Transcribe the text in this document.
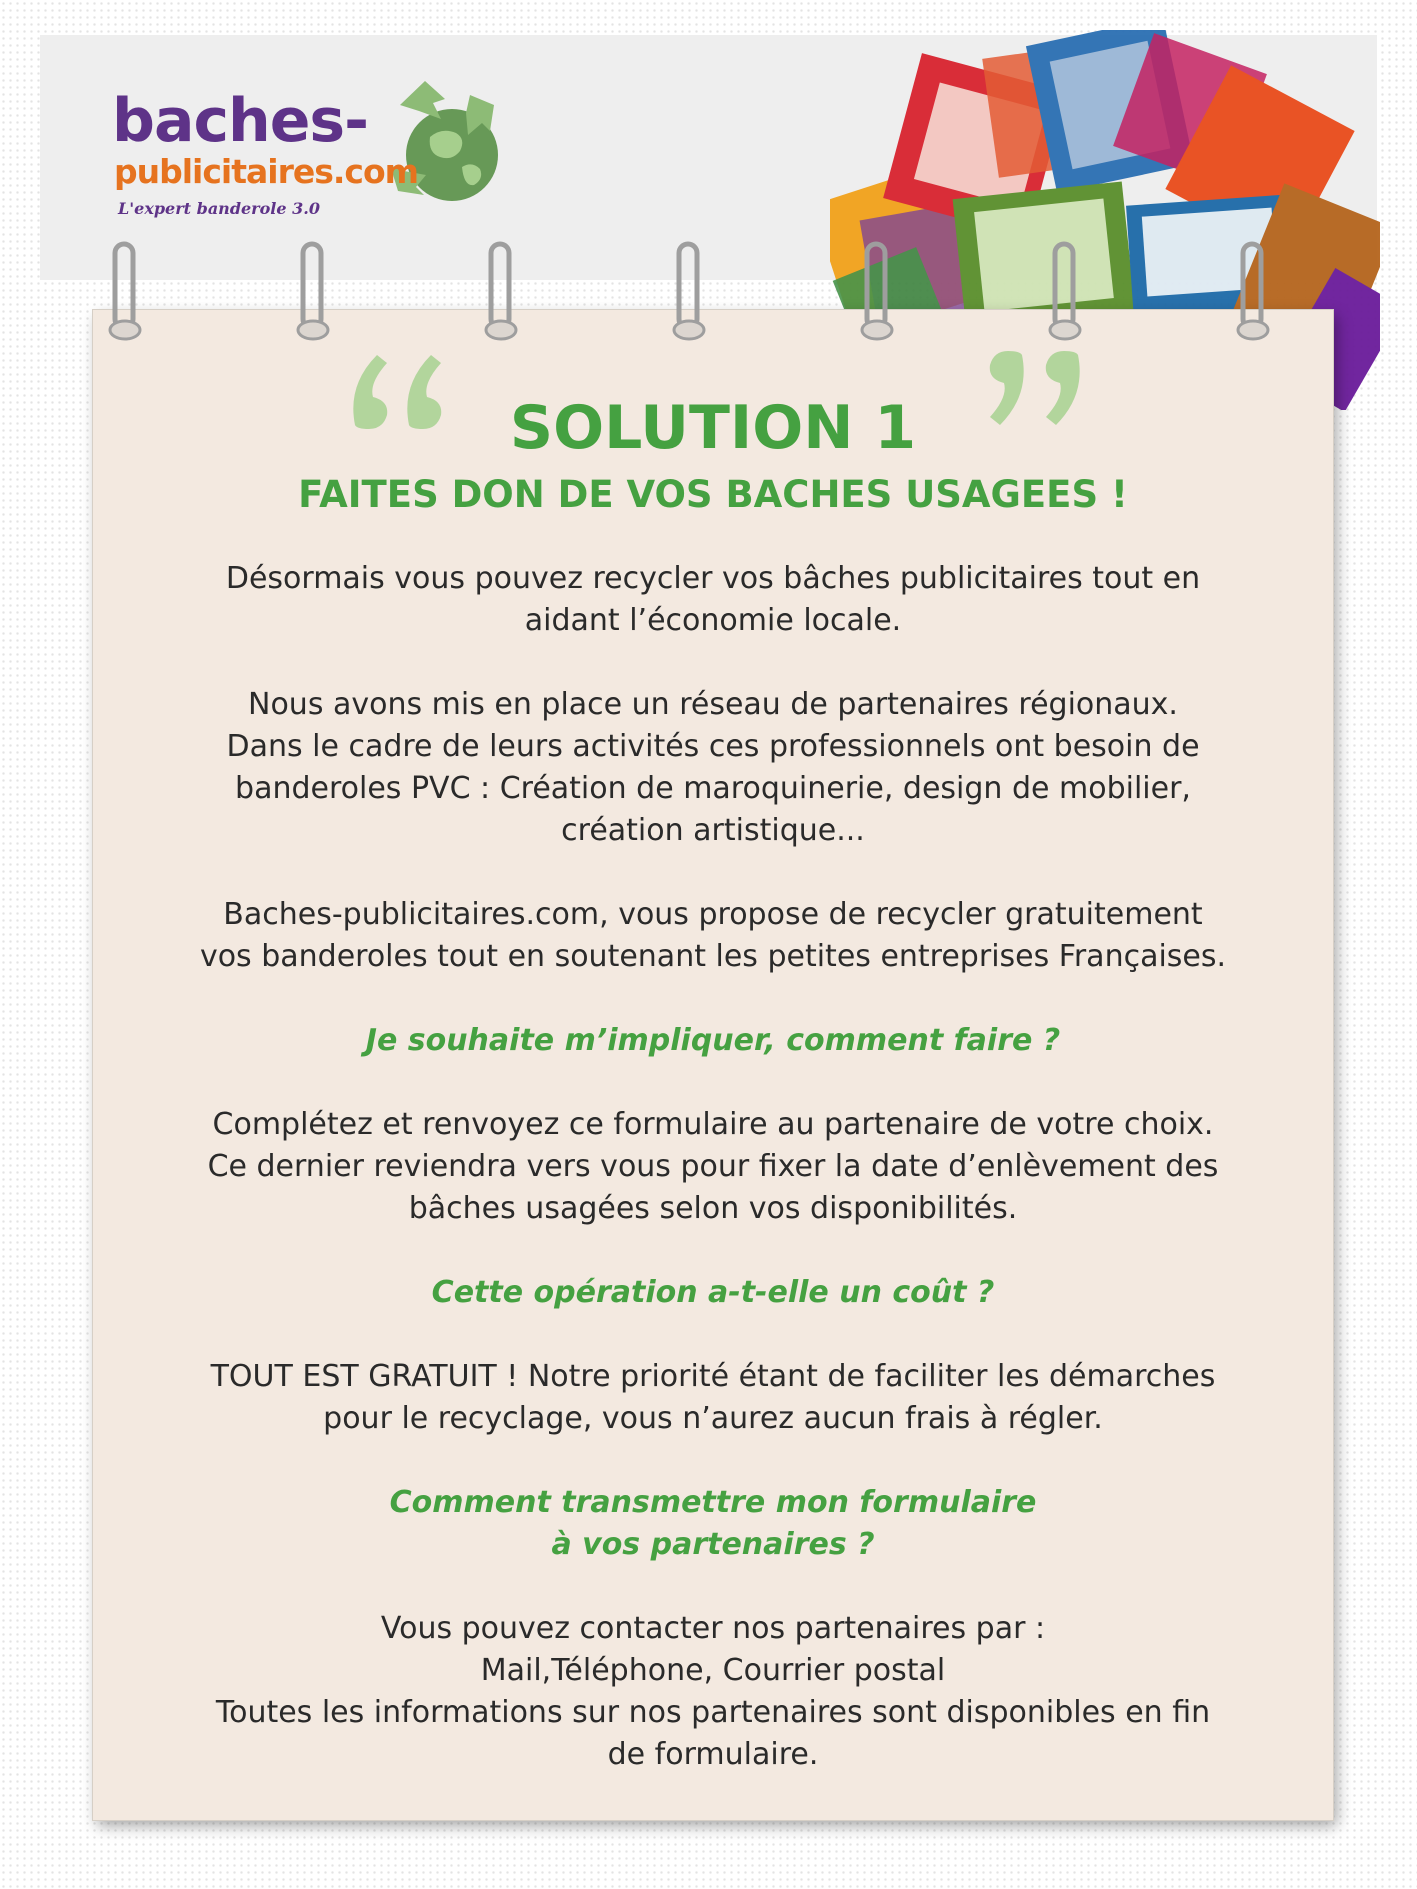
baches-
publicitaires.com
L'expert banderole 3.0
SOLUTION 1
FAITES DON DE VOS BACHES USAGEES !

Désormais vous pouvez recycler vos bâches publicitaires tout en
aidant l’économie locale.

Nous avons mis en place un réseau de partenaires régionaux.
Dans le cadre de leurs activités ces professionnels ont besoin de
banderoles PVC : Création de maroquinerie, design de mobilier,
création artistique...

Baches-publicitaires.com, vous propose de recycler gratuitement
vos banderoles tout en soutenant les petites entreprises Françaises.

Je souhaite m’impliquer, comment faire ?

Complétez et renvoyez ce formulaire au partenaire de votre choix.
Ce dernier reviendra vers vous pour fixer la date d’enlèvement des
bâches usagées selon vos disponibilités.

Cette opération a-t-elle un coût ?

TOUT EST GRATUIT ! Notre priorité étant de faciliter les démarches
pour le recyclage, vous n’aurez aucun frais à régler.

Comment transmettre mon formulaire
à vos partenaires ?

Vous pouvez contacter nos partenaires par :
Mail,Téléphone, Courrier postal
Toutes les informations sur nos partenaires sont disponibles en fin
de formulaire.
